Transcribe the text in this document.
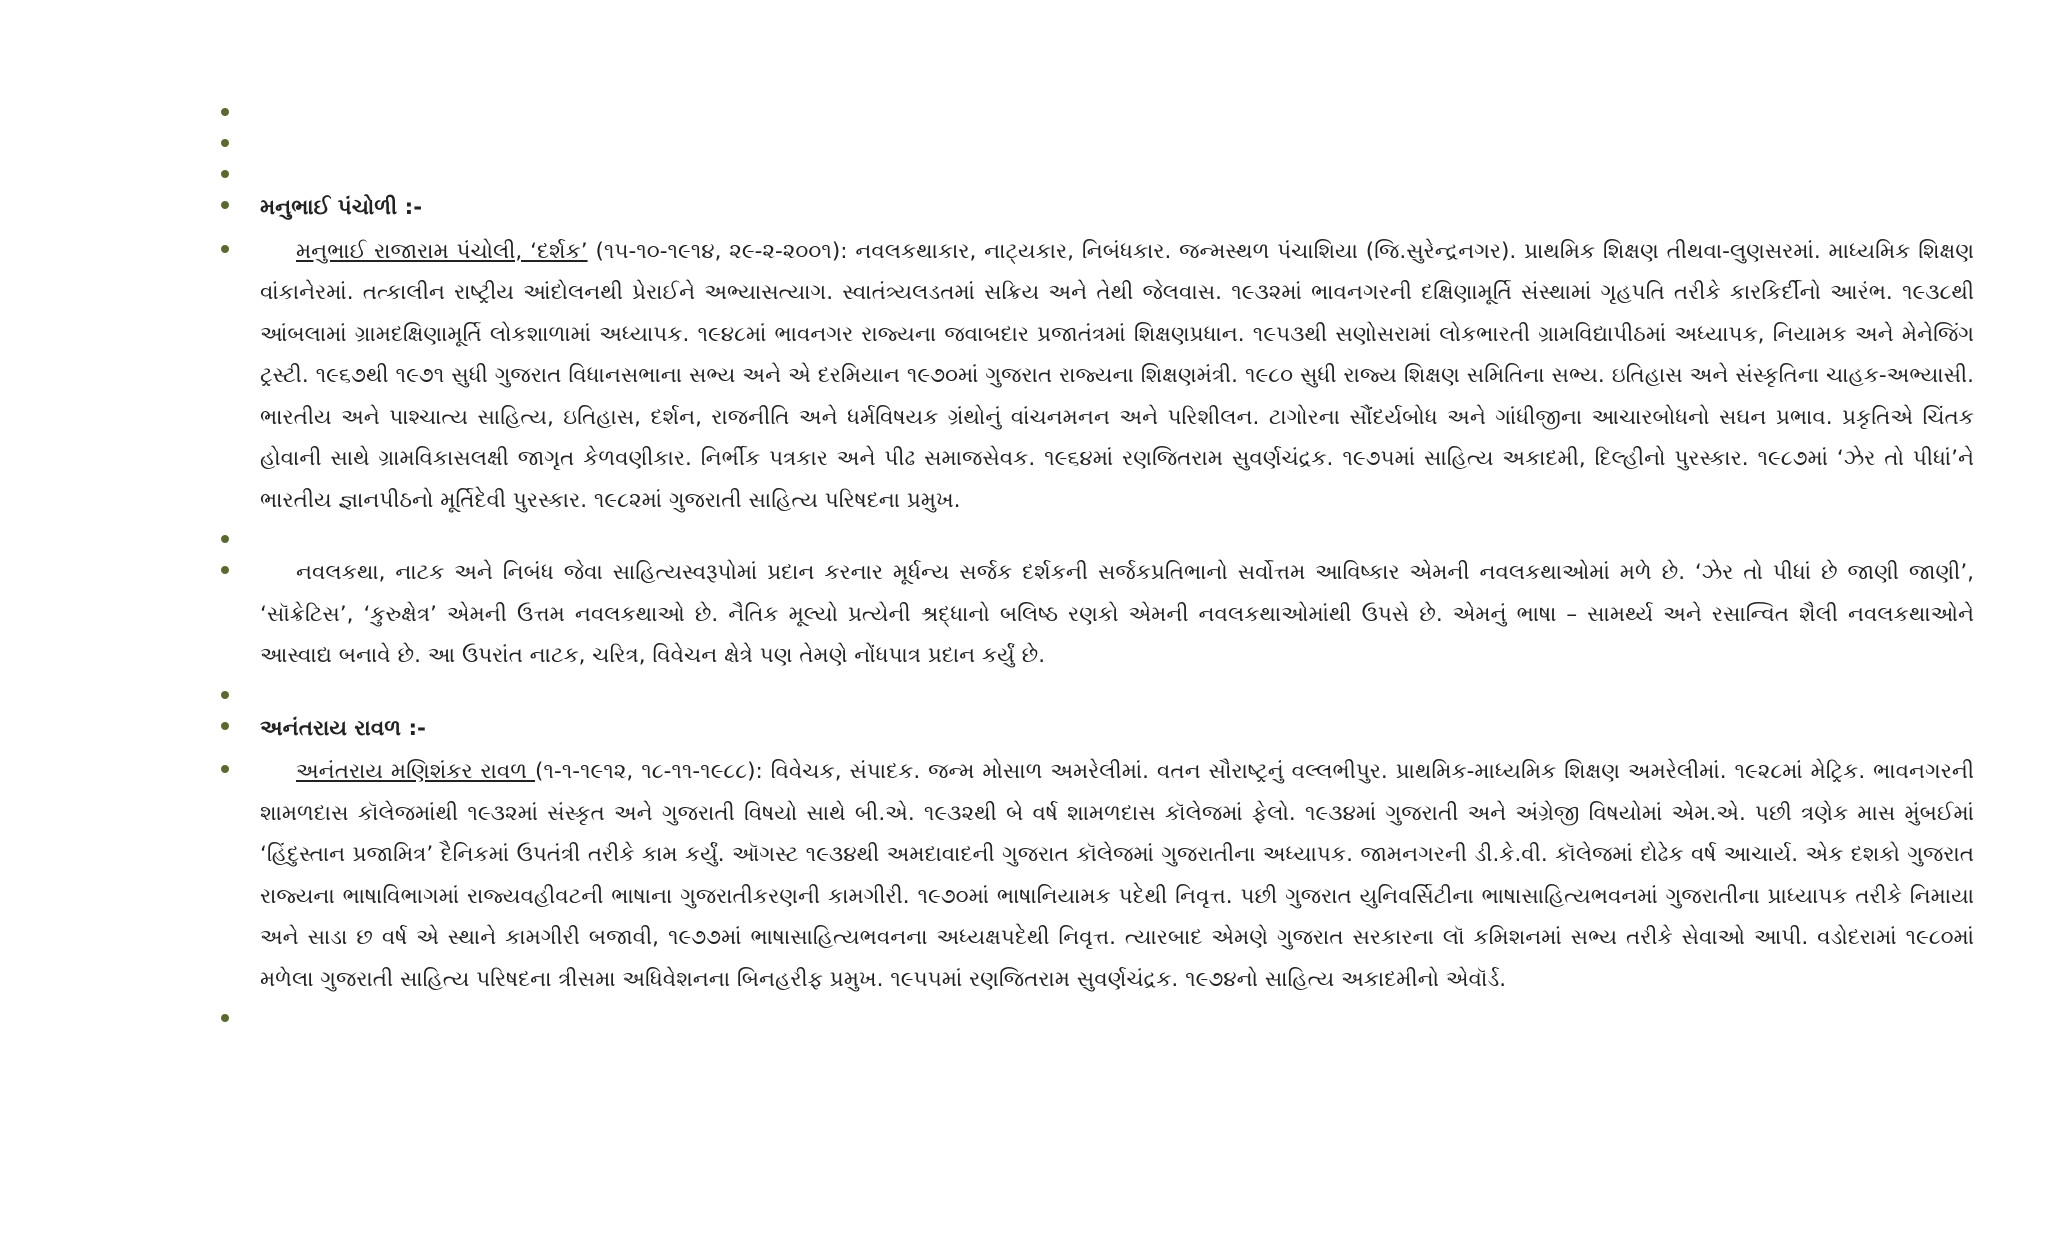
મનુભાઈ પંચોળી :-
મનુભાઈ રાજારામ પંચોલી, ‘દર્શક’ (૧૫-૧૦-૧૯૧૪, ૨૯-૨-૨૦૦૧): નવલકથાકાર, નાટ્યકાર, નિબંધકાર. જન્મસ્થળ પંચાશિયા (જિ.સુરેન્દ્રનગર). પ્રાથમિક શિક્ષણ તીથવા-લુણસરમાં. માધ્યમિક શિક્ષણ વાંકાનેરમાં. તત્કાલીન રાષ્ટ્રીય આંદોલનથી પ્રેરાઈને અભ્યાસત્યાગ. સ્વાતંત્ર્યલડતમાં સક્રિય અને તેથી જેલવાસ. ૧૯૩૨માં ભાવનગરની દક્ષિણામૂર્તિ સંસ્થામાં ગૃહપતિ તરીકે કારકિર્દીનો આરંભ. ૧૯૩૮થી આંબલામાં ગ્રામદક્ષિણામૂર્તિ લોકશાળામાં અધ્યાપક. ૧૯૪૮માં ભાવનગર રાજ્યના જવાબદાર પ્રજાતંત્રમાં શિક્ષણપ્રધાન. ૧૯૫૩થી સણોસરામાં લોકભારતી ગ્રામવિદ્યાપીઠમાં અધ્યાપક, નિયામક અને મેનેજિંગ ટ્રસ્ટી. ૧૯૬૭થી ૧૯૭૧ સુધી ગુજરાત વિધાનસભાના સભ્ય અને એ દરમિયાન ૧૯૭૦માં ગુજરાત રાજ્યના શિક્ષણમંત્રી. ૧૯૮૦ સુધી રાજ્ય શિક્ષણ સમિતિના સભ્ય. ઇતિહાસ અને સંસ્કૃતિના ચાહક-અભ્યાસી. ભારતીય અને પાશ્ચાત્ય સાહિત્ય, ઇતિહાસ, દર્શન, રાજનીતિ અને ધર્મવિષયક ગ્રંથોનું વાંચનમનન અને પરિશીલન. ટાગોરના સૌંદર્યબોધ અને ગાંધીજીના આચારબોધનો સઘન પ્રભાવ. પ્રકૃતિએ ચિંતક હોવાની સાથે ગ્રામવિકાસલક્ષી જાગૃત કેળવણીકાર. નિર્ભીક પત્રકાર અને પીઢ સમાજસેવક. ૧૯૬૪માં રણજિતરામ સુવર્ણચંદ્રક. ૧૯૭૫માં સાહિત્ય અકાદમી, દિલ્હીનો પુરસ્કાર. ૧૯૮૭માં ‘ઝેર તો પીધાં’ને ભારતીય જ્ઞાનપીઠનો મૂર્તિદેવી પુરસ્કાર. ૧૯૮૨માં ગુજરાતી સાહિત્ય પરિષદના પ્રમુખ.
નવલકથા, નાટક અને નિબંધ જેવા સાહિત્યસ્વરૂપોમાં પ્રદાન કરનાર મૂર્ધન્ય સર્જક દર્શકની સર્જકપ્રતિભાનો સર્વોત્તમ આવિષ્કાર એમની નવલકથાઓમાં મળે છે. ‘ઝેર તો પીધાં છે જાણી જાણી’, ‘સૉક્રેટિસ’, ‘કુરુક્ષેત્ર’ એમની ઉત્તમ નવલકથાઓ છે. નૈતિક મૂલ્યો પ્રત્યેની શ્રદ્ધાનો બલિષ્ઠ રણકો એમની નવલકથાઓમાંથી ઉપસે છે. એમનું ભાષા – સામર્થ્ય અને રસાન્વિત શૈલી નવલકથાઓને આસ્વાદ્ય બનાવે છે. આ ઉપરાંત નાટક, ચરિત્ર, વિવેચન ક્ષેત્રે પણ તેમણે નોંધપાત્ર પ્રદાન કર્યું છે.
અનંતરાય રાવળ :-
અનંતરાય મણિશંકર રાવળ (૧-૧-૧૯૧૨, ૧૮-૧૧-૧૯૮૮): વિવેચક, સંપાદક. જન્મ મોસાળ અમરેલીમાં. વતન સૌરાષ્ટ્રનું વલ્લભીપુર. પ્રાથમિક-માધ્યમિક શિક્ષણ અમરેલીમાં. ૧૯૨૮માં મેટ્રિક. ભાવનગરની શામળદાસ કૉલેજમાંથી ૧૯૩૨માં સંસ્કૃત અને ગુજરાતી વિષયો સાથે બી.એ. ૧૯૩૨થી બે વર્ષ શામળદાસ કૉલેજમાં ફેલો. ૧૯૩૪માં ગુજરાતી અને અંગ્રેજી વિષયોમાં એમ.એ. પછી ત્રણેક માસ મુંબઈમાં ‘હિંદુસ્તાન પ્રજામિત્ર’ દૈનિકમાં ઉપતંત્રી તરીકે કામ કર્યું. ઑગસ્ટ ૧૯૩૪થી અમદાવાદની ગુજરાત કૉલેજમાં ગુજરાતીના અધ્યાપક. જામનગરની ડી.કે.વી. કૉલેજમાં દોઢેક વર્ષ આચાર્ય. એક દશકો ગુજરાત રાજ્યના ભાષાવિભાગમાં રાજ્યવહીવટની ભાષાના ગુજરાતીકરણની કામગીરી. ૧૯૭૦માં ભાષાનિયામક પદેથી નિવૃત્ત. પછી ગુજરાત યુનિવર્સિટીના ભાષાસાહિત્યભવનમાં ગુજરાતીના પ્રાધ્યાપક તરીકે નિમાયા અને સાડા છ વર્ષ એ સ્થાને કામગીરી બજાવી, ૧૯૭૭માં ભાષાસાહિત્યભવનના અધ્યક્ષપદેથી નિવૃત્ત. ત્યારબાદ એમણે ગુજરાત સરકારના લૉ કમિશનમાં સભ્ય તરીકે સેવાઓ આપી. વડોદરામાં ૧૯૮૦માં મળેલા ગુજરાતી સાહિત્ય પરિષદના ત્રીસમા અધિવેશનના બિનહરીફ પ્રમુખ. ૧૯૫૫માં રણજિતરામ સુવર્ણચંદ્રક. ૧૯૭૪નો સાહિત્ય અકાદમીનો એવૉર્ડ.
